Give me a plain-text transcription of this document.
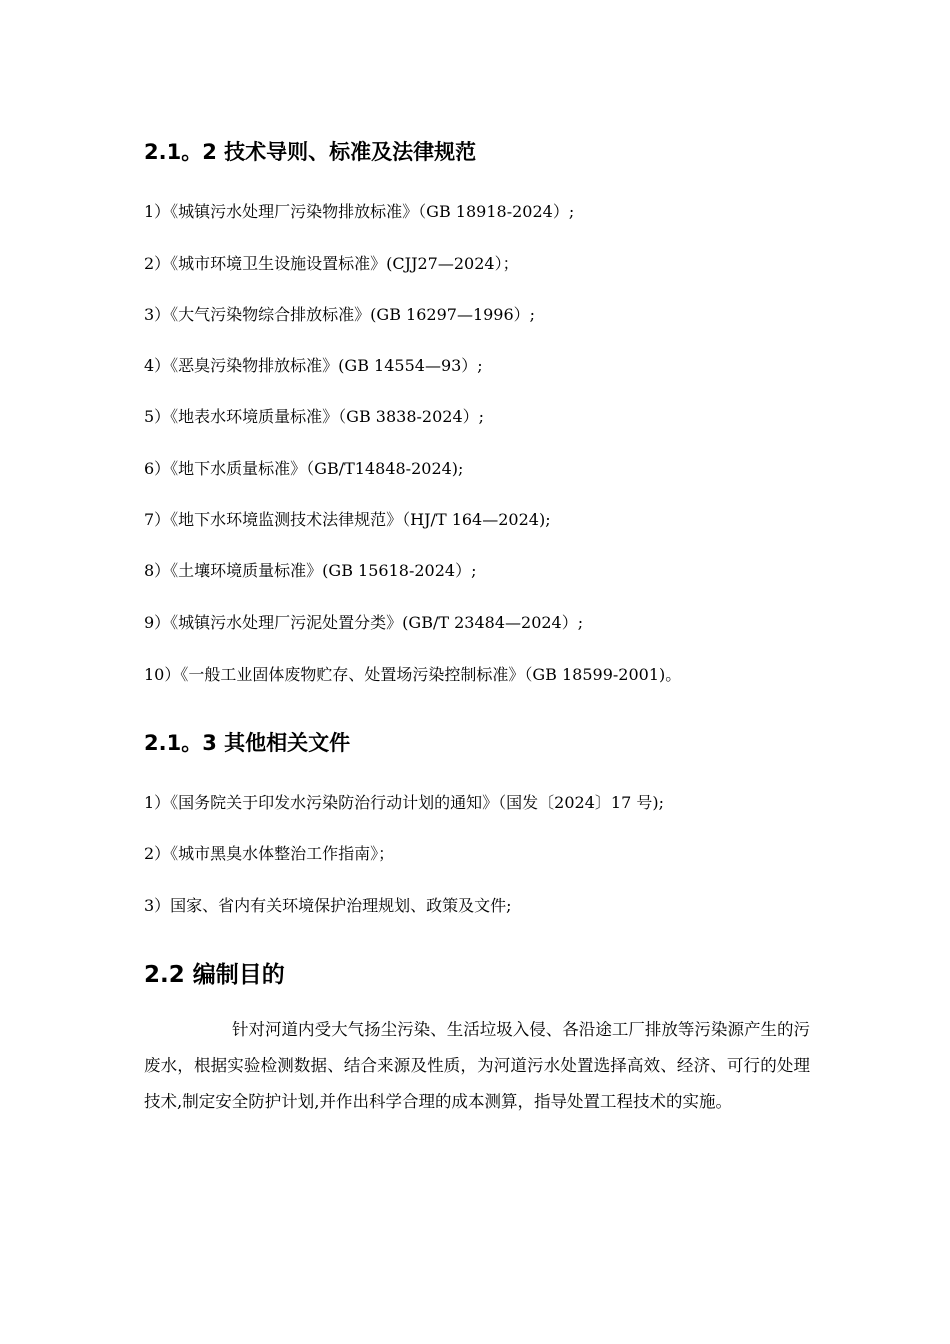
2.1。2 技术导则、标准及法律规范

1）《城镇污水处理厂污染物排放标准》（GB 18918-2024）;

2）《城市环境卫生设施设置标准》(CJJ27—2024）；

3）《大气污染物综合排放标准》(GB 16297—1996）;

4）《恶臭污染物排放标准》(GB 14554—93）;

5）《地表水环境质量标准》（GB 3838-2024）;

6）《地下水质量标准》（GB/T14848-2024);

7）《地下水环境监测技术法律规范》（HJ/T 164—2024);

8）《土壤环境质量标准》(GB 15618-2024）;

9）《城镇污水处理厂污泥处置分类》(GB/T 23484—2024）;

10）《一般工业固体废物贮存、处置场污染控制标准》（GB 18599-2001)。

2.1。3 其他相关文件

1）《国务院关于印发水污染防治行动计划的通知》（国发〔2024〕17 号);

2）《城市黑臭水体整治工作指南》；

3）国家、省内有关环境保护治理规划、政策及文件;

2.2 编制目的

针对河道内受大气扬尘污染、生活垃圾入侵、各沿途工厂排放等污染源产生的污废水，根据实验检测数据、结合来源及性质，为河道污水处置选择高效、经济、可行的处理技术,制定安全防护计划,并作出科学合理的成本测算，指导处置工程技术的实施。
